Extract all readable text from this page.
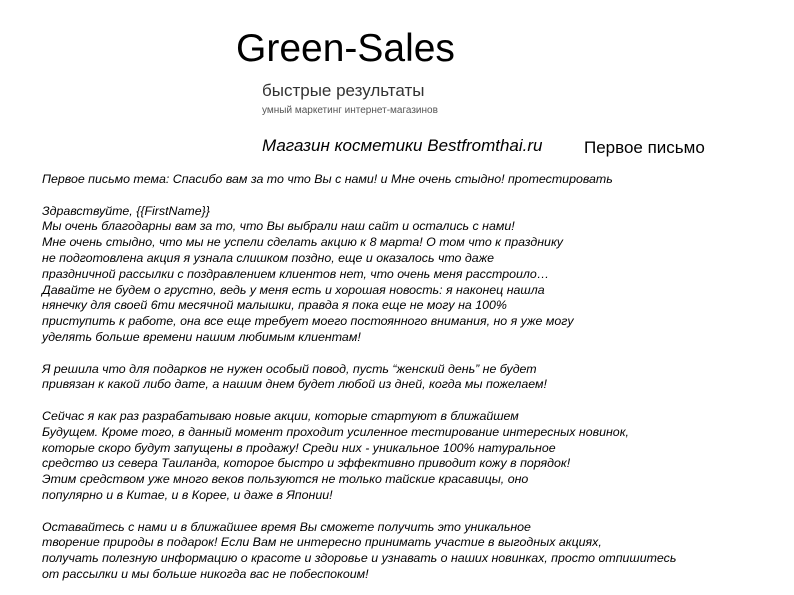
Green-Sales
быстрые результаты
умный маркетинг интернет-магазинов
Магазин косметики Bestfromthai.ru Первое письмо
Первое письмо тема: Спасибо вам за то что Вы с нами! и Мне очень стыдно! протестировать
Здравствуйте, {{FirstName}}
Мы очень благодарны вам за то, что Вы выбрали наш сайт и остались с нами!
Мне очень стыдно, что мы не успели сделать акцию к 8 марта! О том что к празднику
не подготовлена акция я узнала слишком поздно, еще и оказалось что даже
праздничной рассылки с поздравлением клиентов нет, что очень меня расстроило…
Давайте не будем о грустно, ведь у меня есть и хорошая новость: я наконец нашла
нянечку для своей 6ти месячной малышки, правда я пока еще не могу на 100%
приступить к работе, она все еще требует моего постоянного внимания, но я уже могу
уделять больше времени нашим любимым клиентам!
Я решила что для подарков не нужен особый повод, пусть “женский день” не будет
привязан к какой либо дате, а нашим днем будет любой из дней, когда мы пожелаем!
Сейчас я как раз разрабатываю новые акции, которые стартуют в ближайшем
Будущем. Кроме того, в данный момент проходит усиленное тестирование интересных новинок,
которые скоро будут запущены в продажу! Среди них - уникальное 100% натуральное
средство из севера Таиланда, которое быстро и эффективно приводит кожу в порядок!
Этим средством уже много веков пользуются не только тайские красавицы, оно
популярно и в Китае, и в Корее, и даже в Японии!
Оставайтесь с нами и в ближайшее время Вы сможете получить это уникальное
творение природы в подарок! Если Вам не интересно принимать участие в выгодных акциях,
получать полезную информацию о красоте и здоровье и узнавать о наших новинках, просто отпишитесь
от рассылки и мы больше никогда вас не побеспокоим!
